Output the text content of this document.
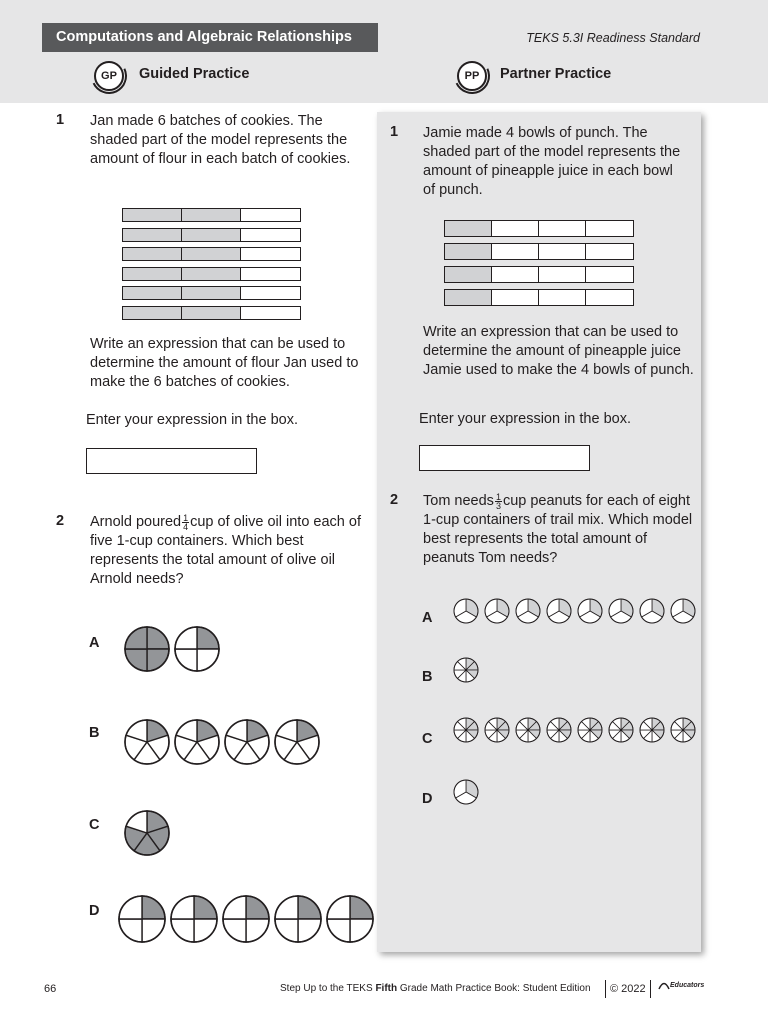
Computations and Algebraic Relationships	TEKS 5.3I Readiness Standard
GP	Guided Practice	PP	Partner Practice
1 Jan made 6 batches of cookies. The shaded part of the model represents the amount of flour in each batch of cookies.
Write an expression that can be used to determine the amount of flour Jan used to make the 6 batches of cookies.
Enter your expression in the box.
2 Arnold poured $\frac{1}{4}$ cup of olive oil into each of five 1-cup containers. Which best represents the total amount of olive oil Arnold needs?
A
B
C
D
1 Jamie made 4 bowls of punch. The shaded part of the model represents the amount of pineapple juice in each bowl of punch.
Write an expression that can be used to determine the amount of pineapple juice Jamie used to make the 4 bowls of punch.
Enter your expression in the box.
2 Tom needs $\frac{1}{3}$ cup peanuts for each of eight 1-cup containers of trail mix. Which model best represents the total amount of peanuts Tom needs?
A
B
C
D
66	Step Up to the TEKS Fifth Grade Math Practice Book: Student Edition	© 2022	Educators
